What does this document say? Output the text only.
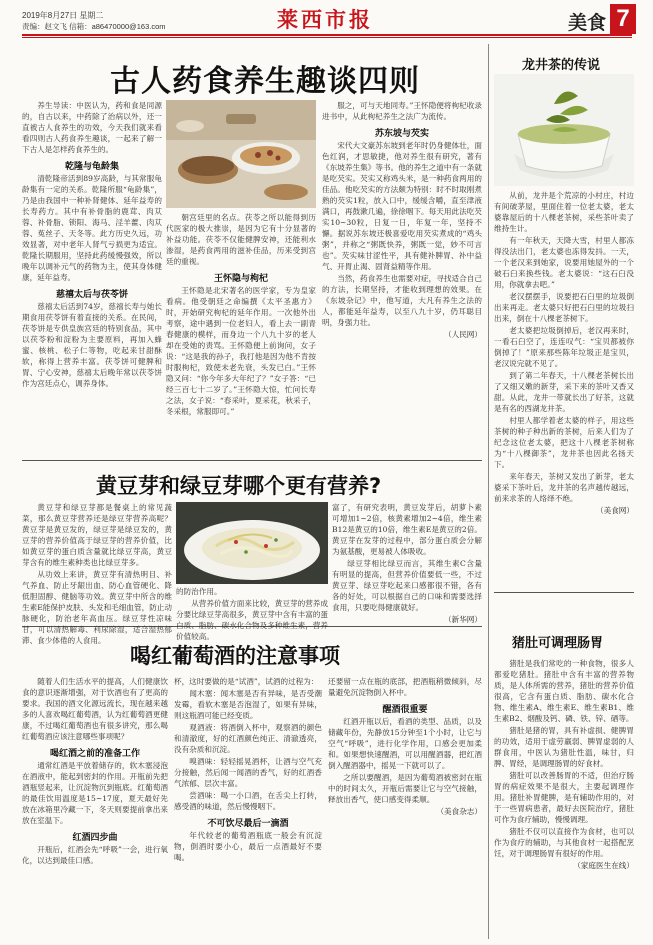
2019年8月27日 星期二
责编：赵文飞 信箱：a86470000@163.com	莱西市报	美食 7
古人药食养生趣谈四则

养生导读：中医认为，药和食是同源的，自古以来，中药除了治病以外，还一直被古人食养生的功效，今天我们就来看看四则古人药食养生趣谈，一起来了解一下古人是怎样药食养生的。

乾隆与龟龄集

清乾隆帝活到89岁高龄，与其常服龟龄集有一定的关系。乾隆所服“龟龄集”，乃是由我国中一种补肾健体、延年益寿的长寿药方。其中有补骨脂的鹿茸、肉苁蓉、补骨脂、锁阳、海马、淫羊藿、肉苁蓉、菟丝子、天冬等。此方历史久远，功效显著，对中老年人肾气亏损更为适宜。乾隆长期服用，坚持此药缓慢强效，所以晚年以调补元气的药物为主，使其身体健康，延年益寿。

慈禧太后与茯苓饼

慈禧太后活到74岁，慈禧长寿与她长期食用茯苓饼有着直接的关系。在民间，茯苓饼是专供皇族宫廷的特别食品，其中以茯苓粉和淀粉为主要原料，再加入蜂蜜、核桃、松子仁等物，吃起来甘甜酥软，称得上营养丰富。茯苓饼可健脾和胃、宁心安神，慈禧太后晚年常以茯苓饼作为宫廷点心，调养身体。

朝宫廷里的名点。茯苓之所以能得到历代医家的极大推崇，是因为它有十分显著的补益功能。茯苓不仅能健脾安神，还能利水渗湿，是药食两用的滋补佳品，历来受到宫廷的重视。

王怀隐与枸杞

王怀隐是北宋著名的医学家，专为皇家看病。他受朝廷之命编撰《太平圣惠方》时，开始研究枸杞的延年作用。一次他外出考察，途中遇到一位老妇人，看上去一副青春健康的模样，而身边一个八九十岁的老人却在受她的责骂。王怀隐便上前询问，女子说：“这是我的孙子，我打他是因为他不肯按时服枸杞，致使未老先衰，头发已白。”王怀隐又问：“你今年多大年纪了？”女子答：“已经三百七十二岁了。”王怀隐大惊，忙问长寿之法，女子说：“春采叶，夏采花，秋采子，冬采根，常服即可。”

服之，可与天地同寿。”王怀隐便将枸杞收录进书中，从此枸杞养生之法广为流传。

苏东坡与芡实

宋代大文豪苏东坡到老年时仍身健体壮，面色红润，才思敏捷，他对养生很有研究，著有《东坡养生集》等书。他的养生之道中有一条就是吃芡实。芡实又称鸡头米，是一种药食两用的佳品。他吃芡实的方法颇为特别：时不时取刚煮熟的芡实1粒，放入口中，缓缓含嚼，直至津液满口，再鼓漱几遍，徐徐咽下。每天用此法吃芡实10~30粒，日复一日，年复一年，坚持不懈。据说苏东坡还极喜爱吃用芡实煮成的“鸡头粥”，并称之“粥既快养，粥既一觉，妙不可言也”。芡实味甘涩性平，具有健补脾胃、补中益气、开胃止渴、固肾益精等作用。

当然，药食养生也需要对症，寻找适合自己的方法，长期坚持，才能收到理想的效果。在《东坡杂记》中，他写道，大凡有养生之法的人，都能延年益寿，以至八九十岁，仍耳聪目明，身强力壮。

（人民网）

黄豆芽和绿豆芽哪个更有营养?

黄豆芽和绿豆芽都是餐桌上的常见蔬菜，那么黄豆芽营养还是绿豆芽营养高呢？黄豆芽是黄豆发的，绿豆芽是绿豆发的，黄豆芽的营养价值高于绿豆芽的营养价值，比如黄豆芽的蛋白质含量就比绿豆芽高，黄豆芽含有的维生素种类也比绿豆芽多。

从功效上来讲，黄豆芽有清热明目、补气养血、防止牙龈出血、防心血管硬化、降低胆固醇、健脑等功效。黄豆芽中所含的维生素E能保护皮肤、头发和毛细血管，防止动脉硬化，防治老年高血压。绿豆芽性凉味甘，可以清热解毒、利尿除湿，适合湿热郁滞、食少体倦的人食用。

的防治作用。

从营养价值方面来比较，黄豆芽的营养成分要比绿豆芽高很多，黄豆芽中含有丰富的蛋白质、脂肪、碳水化合物及多种维生素，营养价值较高。

富了，有研究表明，黄豆发芽后，胡萝卜素可增加1~2倍，核黄素增加2~4倍，维生素B12是黄豆的10倍，维生素E是黄豆的2倍。黄豆芽在发芽的过程中，部分蛋白质会分解为氨基酸，更易被人体吸收。

绿豆芽相比绿豆而言，其维生素C含量有明显的提高，但营养价值要低一些，不过黄豆芽、绿豆芽吃起来口感都很不错，各有各的好处，可以根据自己的口味和需要选择食用，只要吃得健康就好。

（新华网）

喝红葡萄酒的注意事项

随着人们生活水平的提高，人们健康饮食的意识逐渐增强，对于饮酒也有了更高的要求。我国的酒文化源远流长，现在越来越多的人喜欢喝红葡萄酒，认为红葡萄酒更健康，不过喝红葡萄酒也有很多讲究，那么喝红葡萄酒应该注意哪些事项呢？

喝红酒之前的准备工作

通常红酒是平放着储存的，软木塞浸泡在酒液中，能起到密封的作用。开瓶前先把酒瓶竖起来，让沉淀物沉到瓶底。红葡萄酒的最佳饮用温度是15~17度，夏天最好先放在冰箱里冷藏一下，冬天则要提前拿出来放在室温下。

红酒四步曲

开瓶后，红酒会先“呼吸”一会，进行氧化，以达到最佳口感。

杯，这时要做的是“试酒”，试酒的过程为：

闻木塞：闻木塞是否有异味，是否受潮发霉，看软木塞是否泡湿了，如果有异味，则这瓶酒可能已经变质。

观酒液：将酒倒入杯中，观察酒的颜色和清澈度，好的红酒颜色纯正、清澈透亮，没有杂质和沉淀。

嗅酒味：轻轻摇晃酒杯，让酒与空气充分接触，然后闻一闻酒的香气，好的红酒香气浓郁、层次丰富。

尝酒味：喝一小口酒，在舌尖上打转，感受酒的味道，然后慢慢咽下。

不可饮尽最后一滴酒

年代较老的葡萄酒瓶底一般会有沉淀物，倒酒时要小心，最后一点酒最好不要喝。

还要留一点在瓶的底部，把酒瓶稍微倾斜，尽量避免沉淀物倒入杯中。

醒酒很重要

红酒开瓶以后，看酒的类型、品质，以及储藏年份，先静放15分钟至1个小时，让它与空气“呼吸”，进行化学作用，口感会更加柔和。如果想快速醒酒，可以用醒酒器，把红酒倒入醒酒器中，摇晃一下就可以了。

之所以要醒酒，是因为葡萄酒被密封在瓶中的时间太久，开瓶后需要让它与空气接触，释放出香气，使口感变得柔顺。

（美食杂志）

龙井茶的传说

从前，龙井是个荒凉的小村庄，村边有间破茅屋，里面住着一位老太婆，老太婆靠屋后的十八棵老茶树，采些茶叶卖了维持生计。

有一年秋天，天降大雪，村里人都冻得没法出门，老太婆也冻得发抖。一天，一个老汉来到她家，说要用她屋外的一个破石臼来换些钱。老太婆说：“这石臼没用，你就拿去吧。”

老汉摆摆手，说要把石臼里的垃圾倒出来再走。老太婆只好把石臼里的垃圾扫出来，倒在十八棵老茶树下。

老太婆把垃圾倒掉后，老汉再来时，一看石臼空了，连连叹气：“宝贝都被你倒掉了！”原来那些陈年垃圾正是宝贝，老汉说完就不见了。

到了第二年春天，十八棵老茶树长出了又细又嫩的新芽，采下来的茶叶又香又甜。从此，龙井一带就长出了好茶，这就是有名的西湖龙井茶。

村里人都学着老太婆的样子，用这些茶树的种子种出新的茶树，后来人们为了纪念这位老太婆，把这十八棵老茶树称为“十八棵御茶”，龙井茶也因此名扬天下。

来年春天，茶树又发出了新芽，老太婆采下茶叶后，龙井茶的名声越传越远，前来求茶的人络绎不绝。

（美食网）

猪肚可调理肠胃

猪肚是我们常吃的一种食物，很多人都爱吃猪肚。猪肚中含有丰富的营养物质，是人体所需的营养，猪肚的营养价值很高，它含有蛋白质、脂肪、碳水化合物、维生素A、维生素E、维生素B1、维生素B2、烟酸及钙、磷、铁、锌、硒等。

猪肚是猪的胃，具有补虚损、健脾胃的功效，适用于虚劳羸弱、脾胃虚弱的人群食用，中医认为猪肚性温，味甘，归脾、胃经，是调理肠胃的好食材。

猪肚可以改善肠胃的不适，但治疗肠胃的病症效果不是很大，主要起调理作用。猪肚补胃健脾，是有辅助作用的，对于一些胃病患者，最好去医院治疗，猪肚可作为食疗辅助，慢慢调理。

猪肚不仅可以直接作为食材，也可以作为食疗的辅助，与其他食材一起搭配烹饪，对于调理肠胃有很好的作用。

（家庭医生在线）
